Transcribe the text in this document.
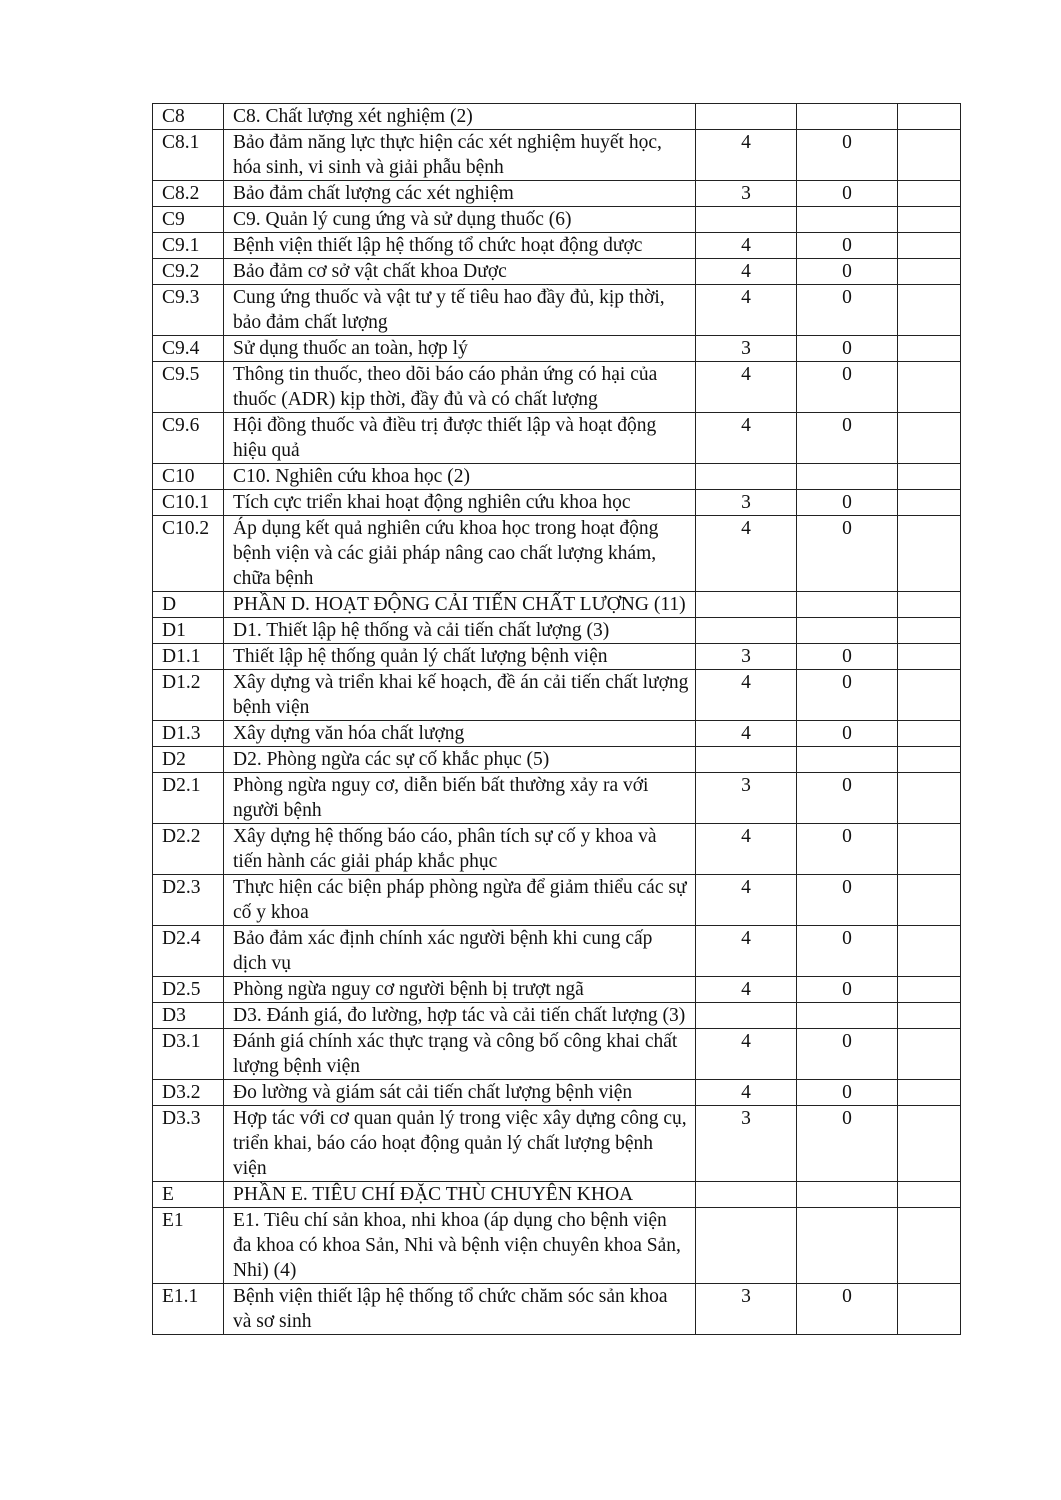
C8	C8. Chất lượng xét nghiệm (2)			
C8.1	Bảo đảm năng lực thực hiện các xét nghiệm huyết học, hóa sinh, vi sinh và giải phẫu bệnh	4	0	
C8.2	Bảo đảm chất lượng các xét nghiệm	3	0	
C9	C9. Quản lý cung ứng và sử dụng thuốc (6)			
C9.1	Bệnh viện thiết lập hệ thống tổ chức hoạt động dược	4	0	
C9.2	Bảo đảm cơ sở vật chất khoa Dược	4	0	
C9.3	Cung ứng thuốc và vật tư y tế tiêu hao đầy đủ, kịp thời, bảo đảm chất lượng	4	0	
C9.4	Sử dụng thuốc an toàn, hợp lý	3	0	
C9.5	Thông tin thuốc, theo dõi báo cáo phản ứng có hại của thuốc (ADR) kịp thời, đầy đủ và có chất lượng	4	0	
C9.6	Hội đồng thuốc và điều trị được thiết lập và hoạt động hiệu quả	4	0	
C10	C10. Nghiên cứu khoa học (2)			
C10.1	Tích cực triển khai hoạt động nghiên cứu khoa học	3	0	
C10.2	Áp dụng kết quả nghiên cứu khoa học trong hoạt động bệnh viện và các giải pháp nâng cao chất lượng khám, chữa bệnh	4	0	
D	PHẦN D. HOẠT ĐỘNG CẢI TIẾN CHẤT LƯỢNG (11)			
D1	D1. Thiết lập hệ thống và cải tiến chất lượng (3)			
D1.1	Thiết lập hệ thống quản lý chất lượng bệnh viện	3	0	
D1.2	Xây dựng và triển khai kế hoạch, đề án cải tiến chất lượng bệnh viện	4	0	
D1.3	Xây dựng văn hóa chất lượng	4	0	
D2	D2. Phòng ngừa các sự cố khắc phục (5)			
D2.1	Phòng ngừa nguy cơ, diễn biến bất thường xảy ra với người bệnh	3	0	
D2.2	Xây dựng hệ thống báo cáo, phân tích sự cố y khoa và tiến hành các giải pháp khắc phục	4	0	
D2.3	Thực hiện các biện pháp phòng ngừa để giảm thiểu các sự cố y khoa	4	0	
D2.4	Bảo đảm xác định chính xác người bệnh khi cung cấp dịch vụ	4	0	
D2.5	Phòng ngừa nguy cơ người bệnh bị trượt ngã	4	0	
D3	D3. Đánh giá, đo lường, hợp tác và cải tiến chất lượng (3)			
D3.1	Đánh giá chính xác thực trạng và công bố công khai chất lượng bệnh viện	4	0	
D3.2	Đo lường và giám sát cải tiến chất lượng bệnh viện	4	0	
D3.3	Hợp tác với cơ quan quản lý trong việc xây dựng công cụ, triển khai, báo cáo hoạt động quản lý chất lượng bệnh viện	3	0	
E	PHẦN E. TIÊU CHÍ ĐẶC THÙ CHUYÊN KHOA			
E1	E1. Tiêu chí sản khoa, nhi khoa (áp dụng cho bệnh viện đa khoa có khoa Sản, Nhi và bệnh viện chuyên khoa Sản, Nhi) (4)			
E1.1	Bệnh viện thiết lập hệ thống tổ chức chăm sóc sản khoa và sơ sinh	3	0	
